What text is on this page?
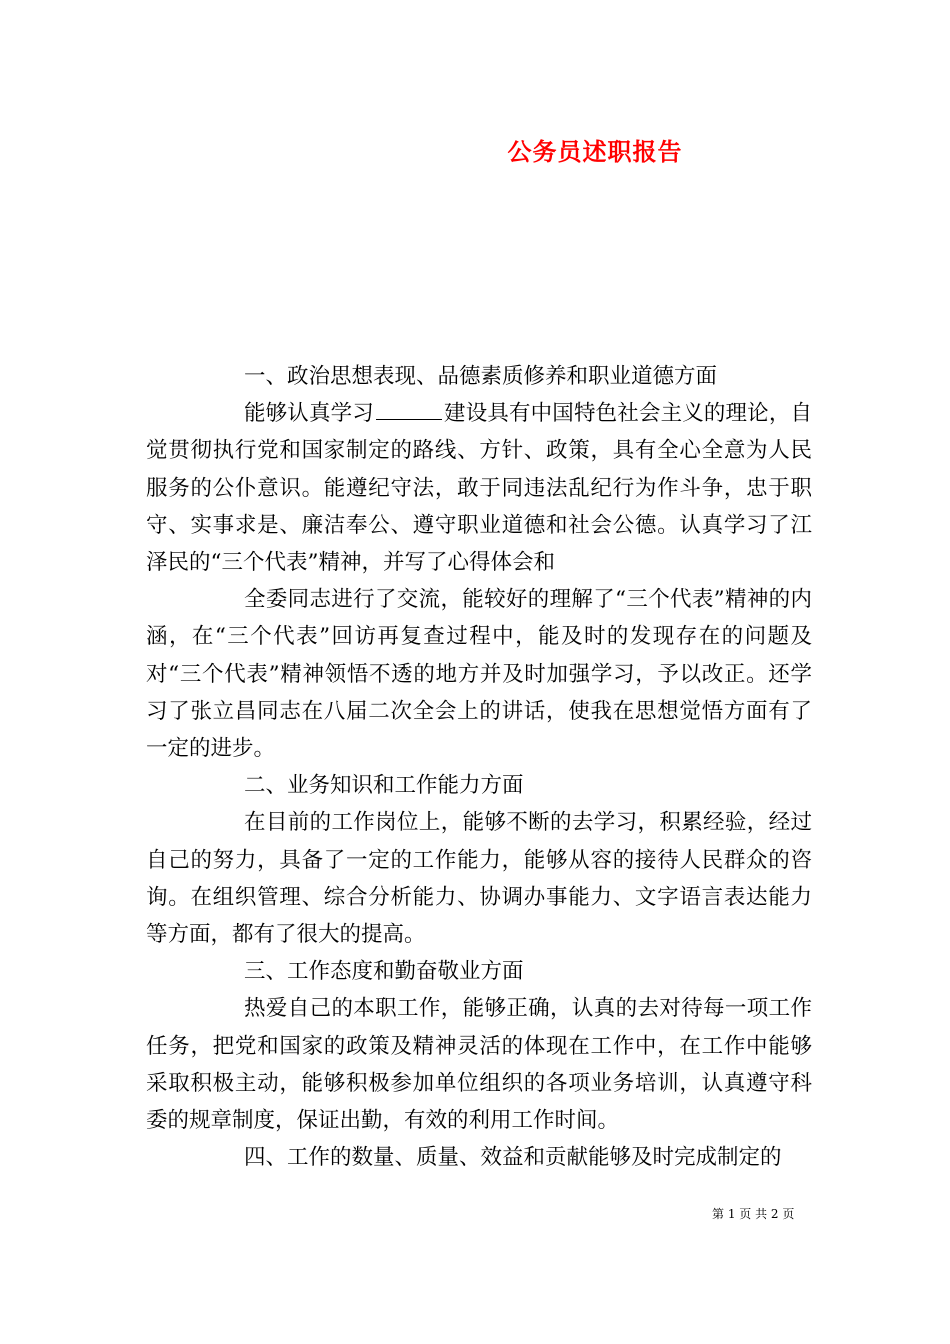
公务员述职报告

一、政治思想表现、品德素质修养和职业道德方面

能够认真学习	建设具有中国特色社会主义的理论，自觉贯彻执行党和国家制定的路线、方针、政策，具有全心全意为人民服务的公仆意识。能遵纪守法，敢于同违法乱纪行为作斗争，忠于职守、实事求是、廉洁奉公、遵守职业道德和社会公德。认真学习了江泽民的“三个代表”精神，并写了心得体会和

全委同志进行了交流，能较好的理解了“三个代表”精神的内涵，在“三个代表”回访再复查过程中，能及时的发现存在的问题及对“三个代表”精神领悟不透的地方并及时加强学习，予以改正。还学习了张立昌同志在八届二次全会上的讲话，使我在思想觉悟方面有了一定的进步。

二、业务知识和工作能力方面

在目前的工作岗位上，能够不断的去学习，积累经验，经过自己的努力，具备了一定的工作能力，能够从容的接待人民群众的咨询。在组织管理、综合分析能力、协调办事能力、文字语言表达能力等方面，都有了很大的提高。

三、工作态度和勤奋敬业方面

热爱自己的本职工作，能够正确，认真的去对待每一项工作任务，把党和国家的政策及精神灵活的体现在工作中，在工作中能够采取积极主动，能够积极参加单位组织的各项业务培训，认真遵守科委的规章制度，保证出勤，有效的利用工作时间。

四、工作的数量、质量、效益和贡献能够及时完成制定的

第 1 页 共 2 页
